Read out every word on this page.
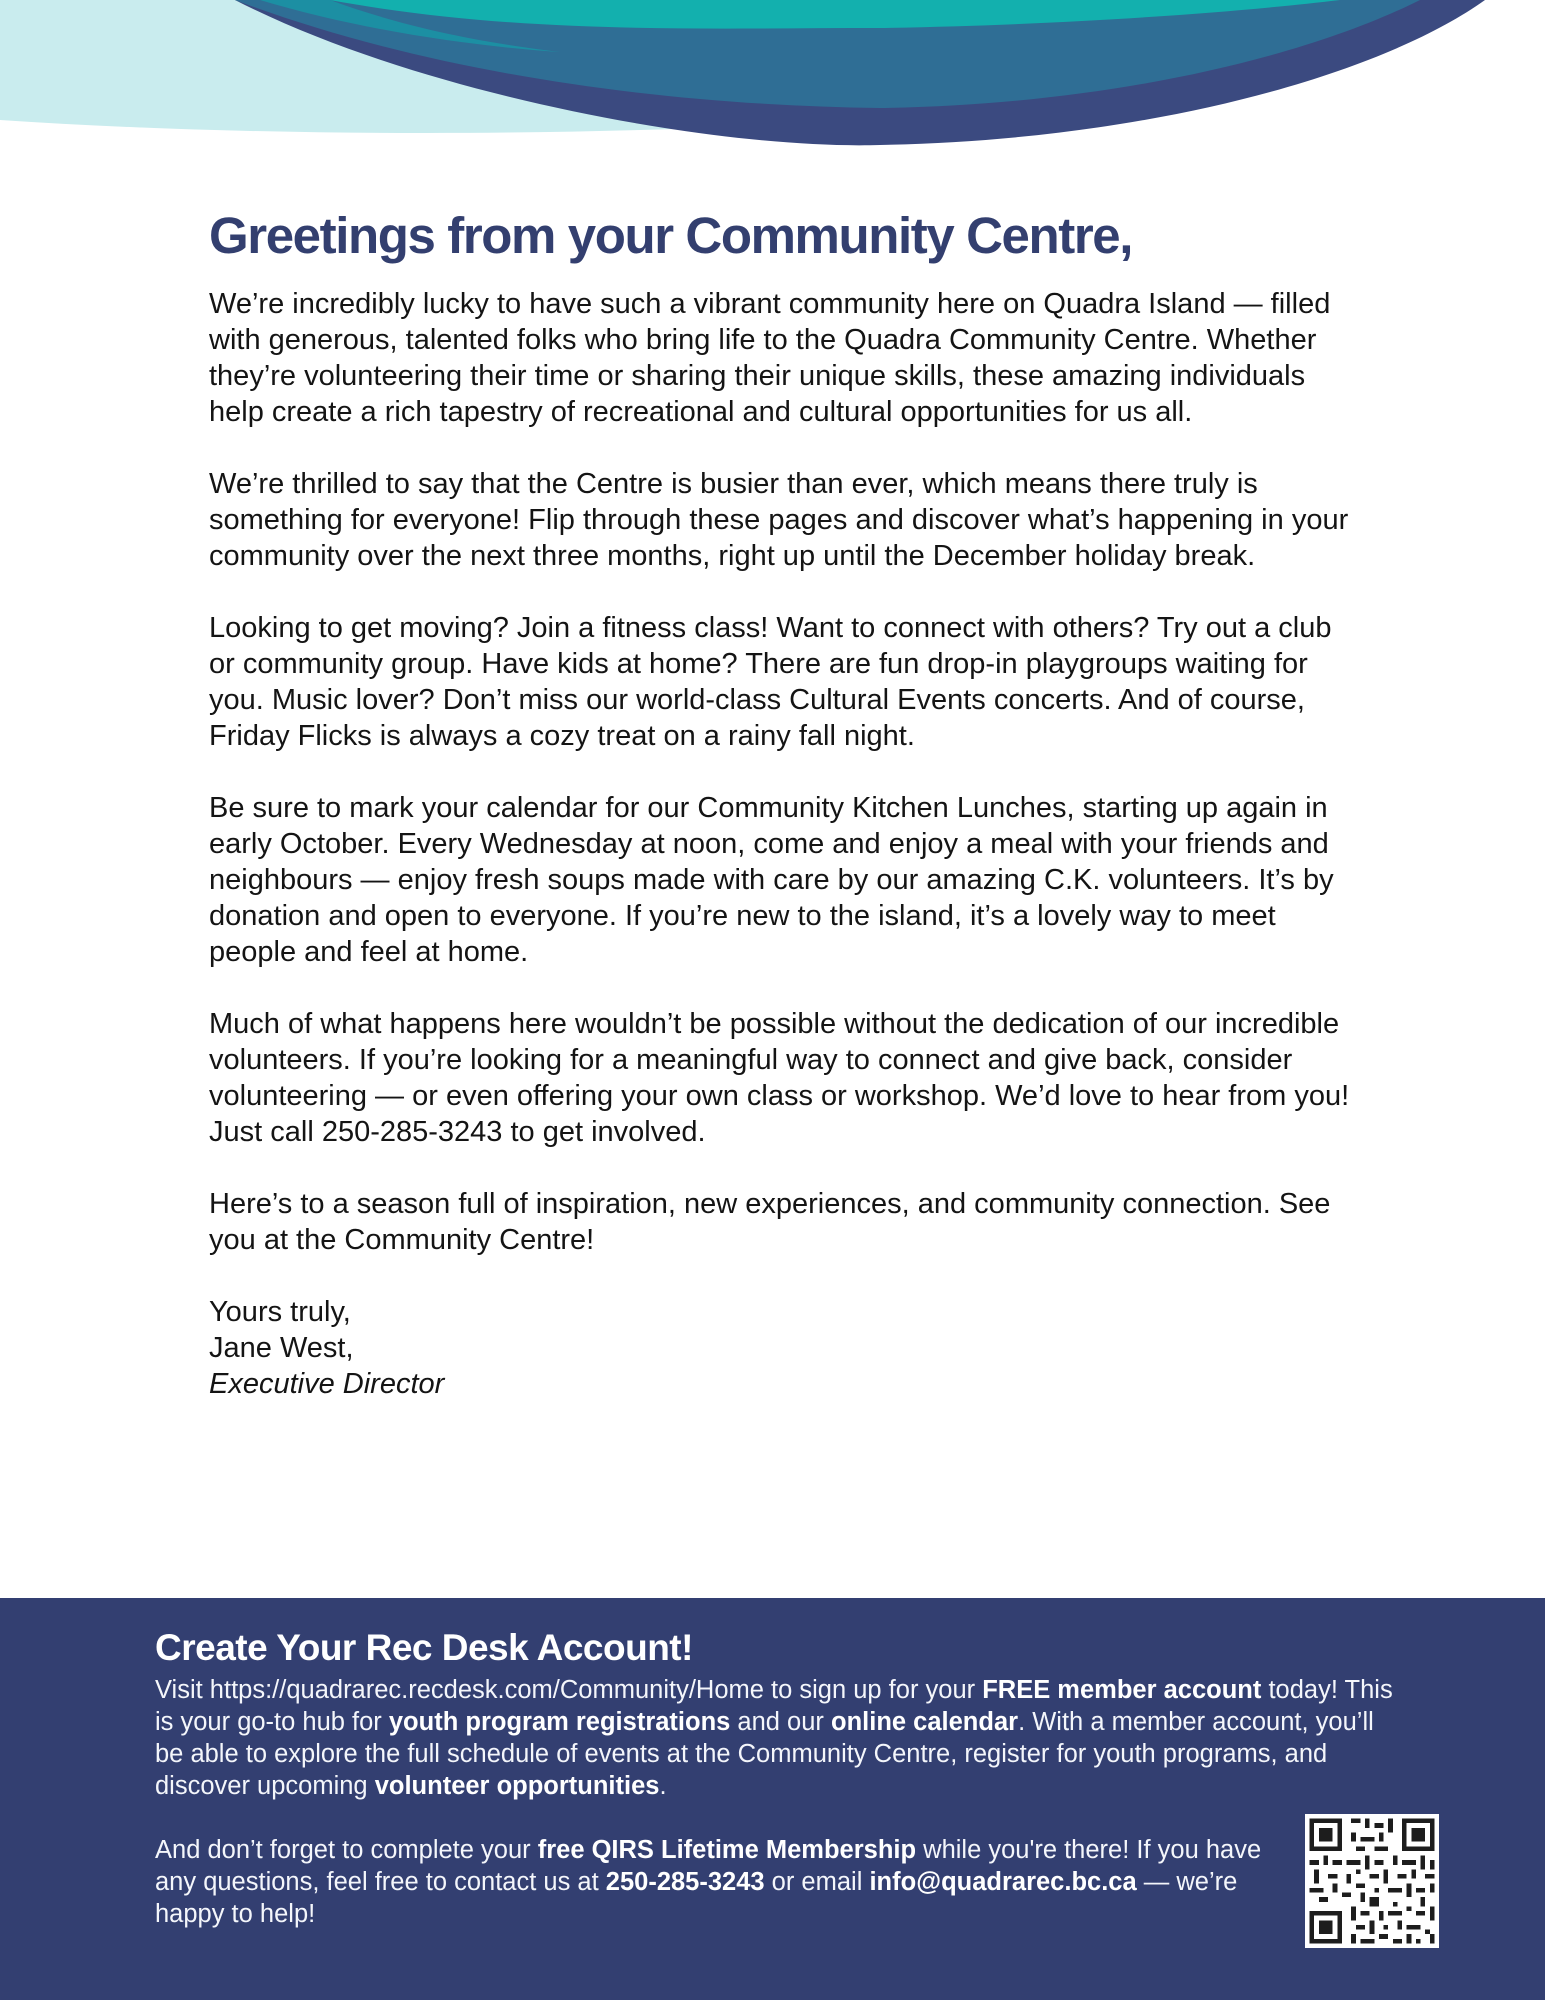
Greetings from your Community Centre,

We’re incredibly lucky to have such a vibrant community here on Quadra Island — filled with generous, talented folks who bring life to the Quadra Community Centre. Whether they’re volunteering their time or sharing their unique skills, these amazing individuals help create a rich tapestry of recreational and cultural opportunities for us all.

We’re thrilled to say that the Centre is busier than ever, which means there truly is something for everyone! Flip through these pages and discover what’s happening in your community over the next three months, right up until the December holiday break.

Looking to get moving? Join a fitness class! Want to connect with others? Try out a club or community group. Have kids at home? There are fun drop-in playgroups waiting for you. Music lover? Don’t miss our world-class Cultural Events concerts. And of course, Friday Flicks is always a cozy treat on a rainy fall night.

Be sure to mark your calendar for our Community Kitchen Lunches, starting up again in early October. Every Wednesday at noon, come and enjoy a meal with your friends and neighbours — enjoy fresh soups made with care by our amazing C.K. volunteers. It’s by donation and open to everyone. If you’re new to the island, it’s a lovely way to meet people and feel at home.

Much of what happens here wouldn’t be possible without the dedication of our incredible volunteers. If you’re looking for a meaningful way to connect and give back, consider volunteering — or even offering your own class or workshop. We’d love to hear from you! Just call 250-285-3243 to get involved.

Here’s to a season full of inspiration, new experiences, and community connection. See you at the Community Centre!

Yours truly,
Jane West,
Executive Director
Create Your Rec Desk Account!

Visit https://quadrarec.recdesk.com/Community/Home to sign up for your FREE member account today! This is your go-to hub for youth program registrations and our online calendar. With a member account, you’ll be able to explore the full schedule of events at the Community Centre, register for youth programs, and discover upcoming volunteer opportunities.

And don’t forget to complete your free QIRS Lifetime Membership while you're there! If you have any questions, feel free to contact us at 250-285-3243 or email info@quadrarec.bc.ca — we’re happy to help!
